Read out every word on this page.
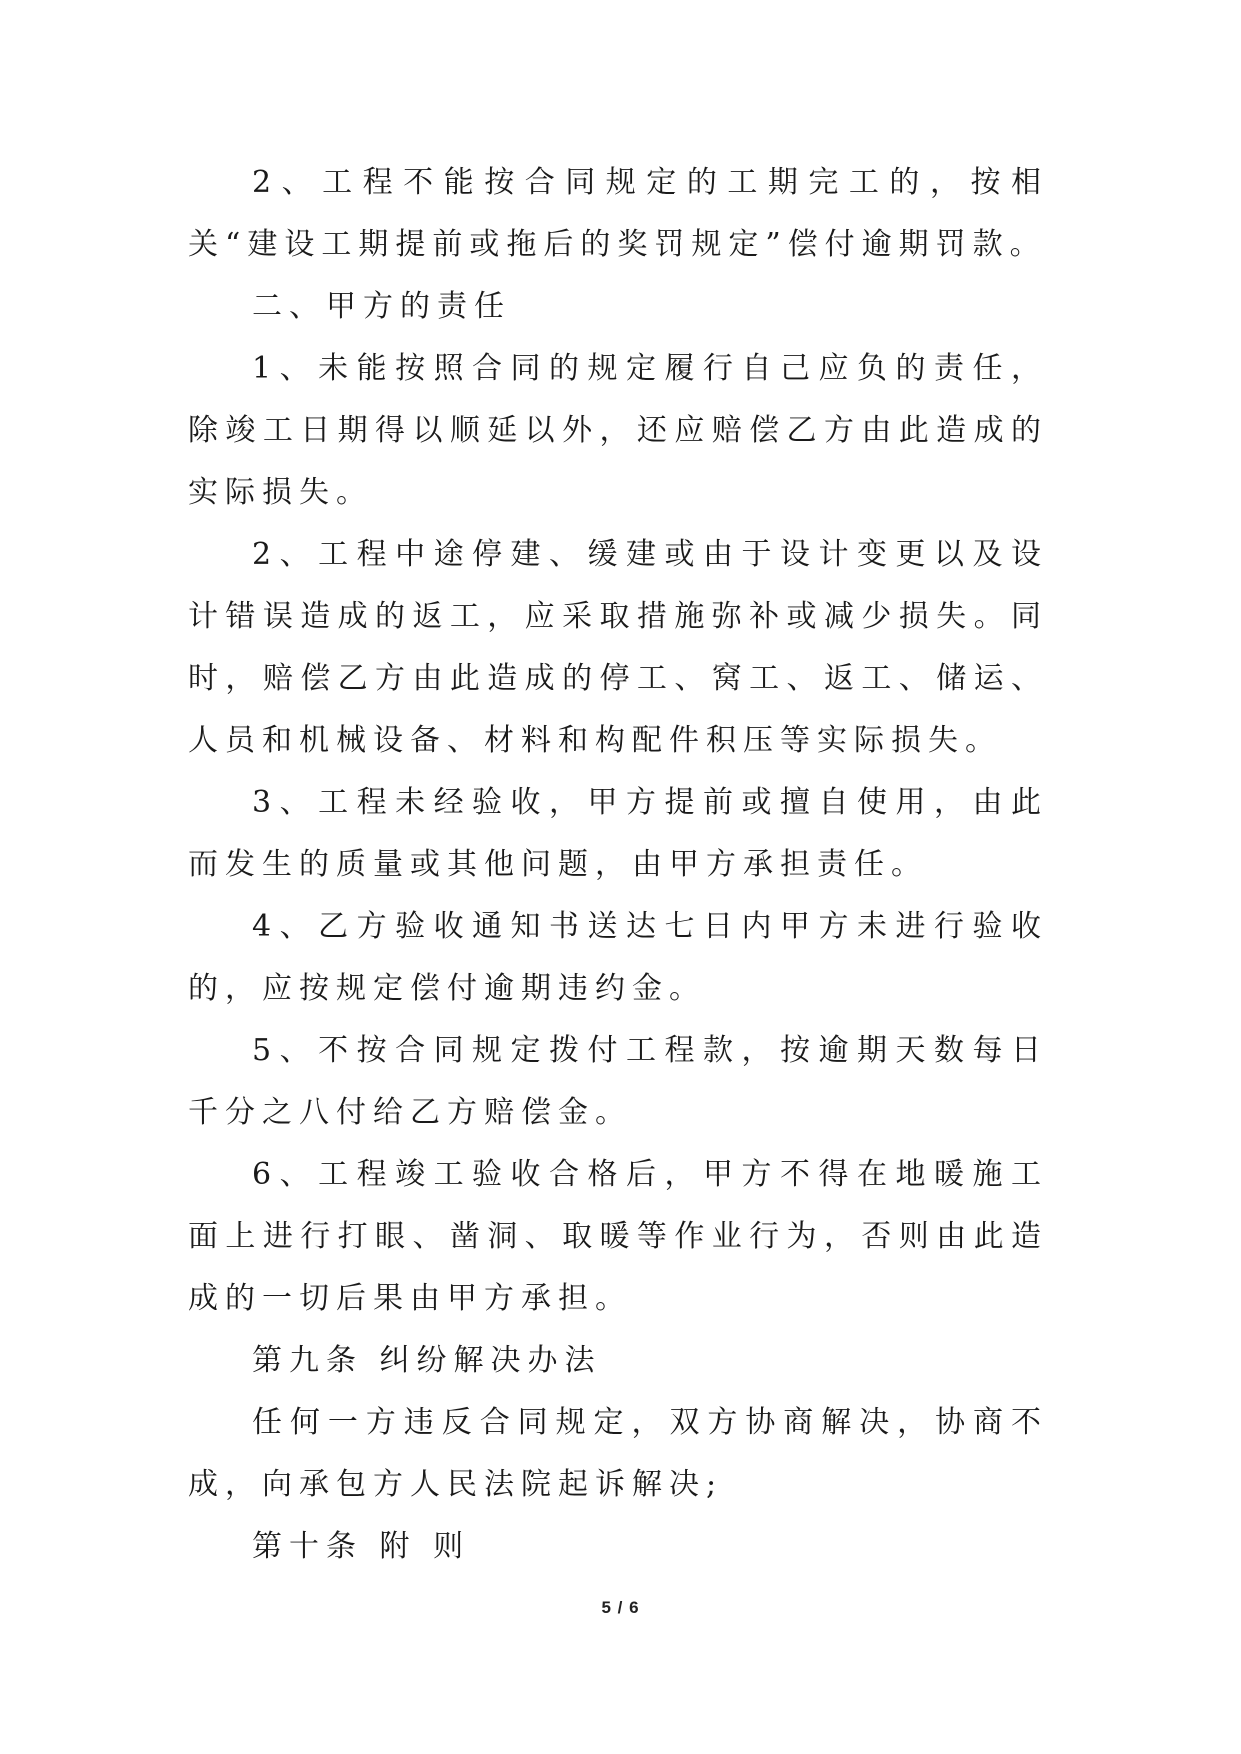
2、工程不能按合同规定的工期完工的，按相关“建设工期提前或拖后的奖罚规定”偿付逾期罚款。

二、甲方的责任

1、未能按照合同的规定履行自己应负的责任，除竣工日期得以顺延以外，还应赔偿乙方由此造成的实际损失。

2、工程中途停建、缓建或由于设计变更以及设计错误造成的返工，应采取措施弥补或减少损失。同时，赔偿乙方由此造成的停工、窝工、返工、储运、人员和机械设备、材料和构配件积压等实际损失。

3、工程未经验收，甲方提前或擅自使用，由此而发生的质量或其他问题，由甲方承担责任。

4、乙方验收通知书送达七日内甲方未进行验收的，应按规定偿付逾期违约金。

5、不按合同规定拨付工程款，按逾期天数每日千分之八付给乙方赔偿金。

6、工程竣工验收合格后，甲方不得在地暖施工面上进行打眼、凿洞、取暖等作业行为，否则由此造成的一切后果由甲方承担。

第九条 纠纷解决办法

任何一方违反合同规定，双方协商解决，协商不成，向承包方人民法院起诉解决;

第十条 附 则

5 / 6
